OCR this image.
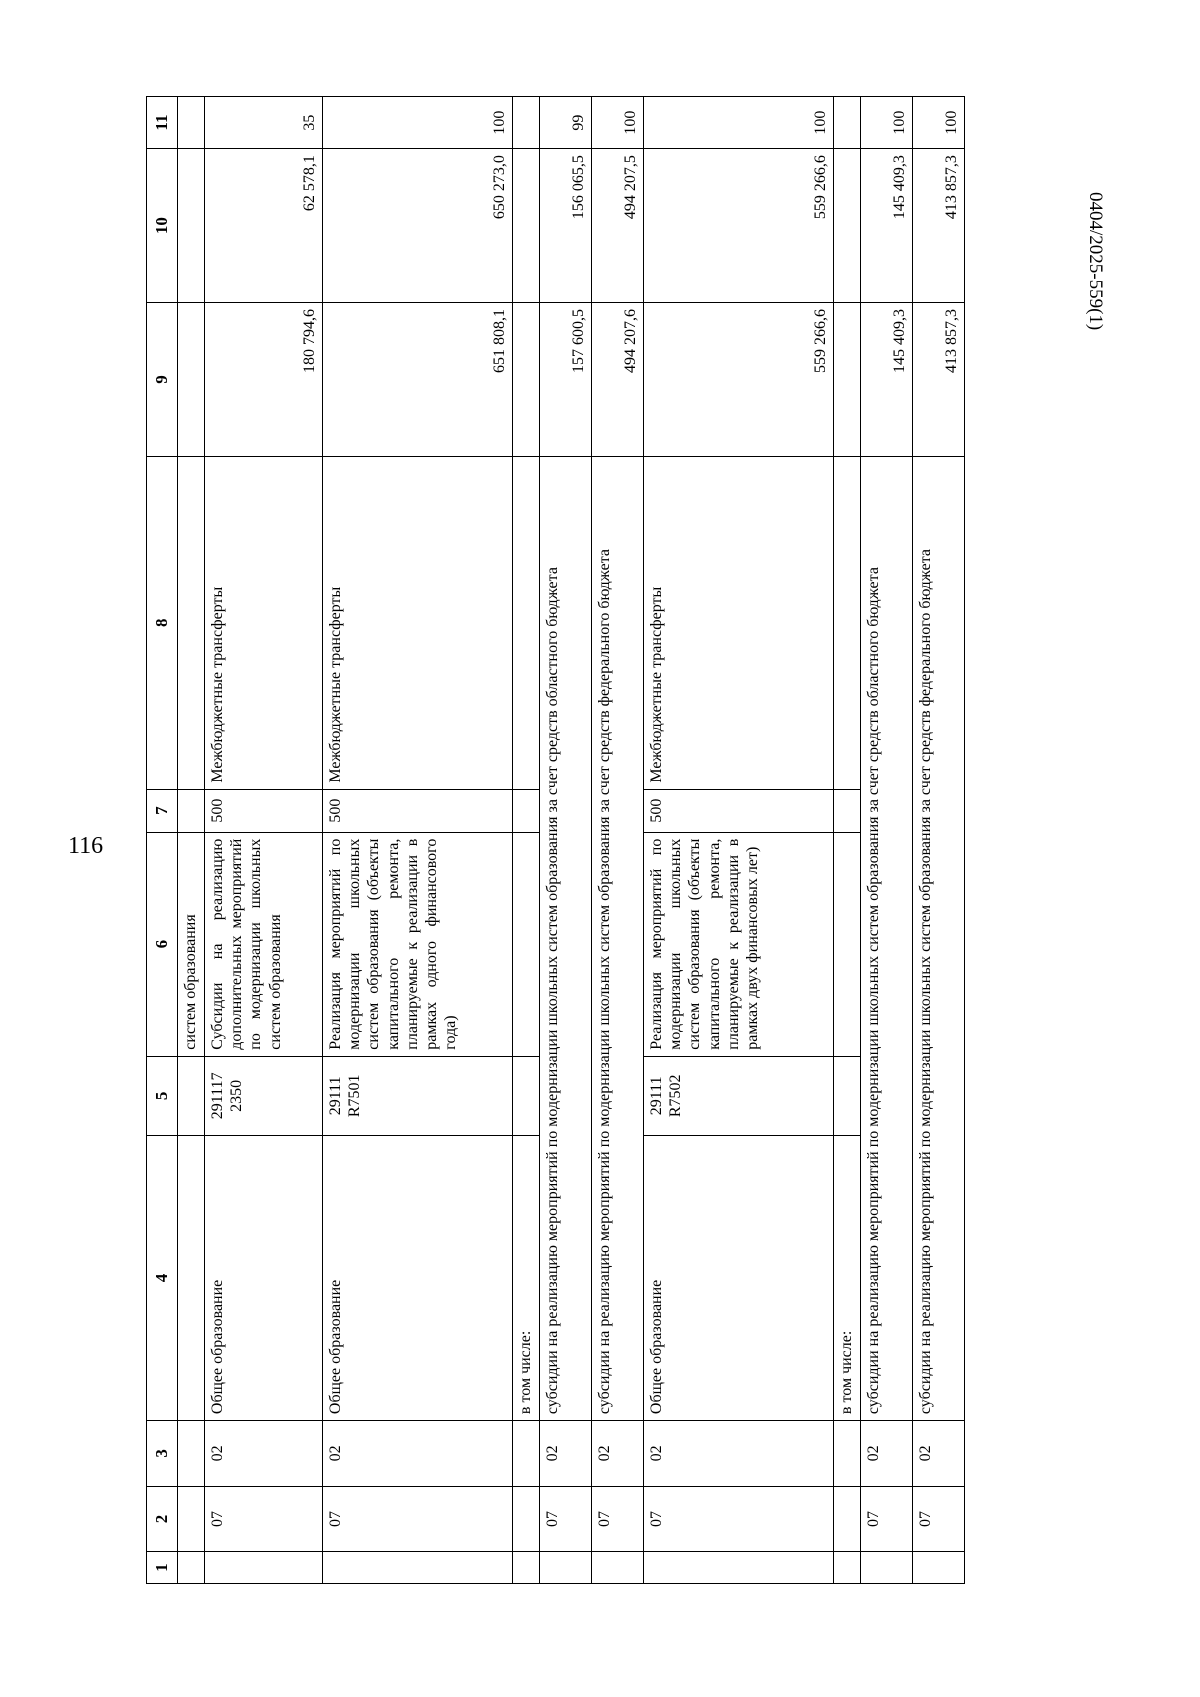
116
0404/2025-559(1)
1	2	3	4	5	6	7	8	9	10	11
					систем образования					
	07	02	Общее образование	291117 2350	Субсидии на реализацию дополнительных мероприятий по модернизации школьных систем образования	500	Межбюджетные трансферты	180 794,6	62 578,1	35
	07	02	Общее образование	29111 R7501	Реализация мероприятий по модернизации школьных систем образования (объекты капитального ремонта, планируемые к реализации в рамках одного финансового года)	500	Межбюджетные трансферты	651 808,1	650 273,0	100
			в том числе:							
	07	02	субсидии на реализацию мероприятий по модернизации школьных систем образования за счет средств областного бюджета					157 600,5	156 065,5	99
	07	02	субсидии на реализацию мероприятий по модернизации школьных систем образования за счет средств федерального бюджета					494 207,6	494 207,5	100
	07	02	Общее образование	29111 R7502	Реализация мероприятий по модернизации школьных систем образования (объекты капитального ремонта, планируемые к реализации в рамках двух финансовых лет)	500	Межбюджетные трансферты	559 266,6	559 266,6	100
			в том числе:							
	07	02	субсидии на реализацию мероприятий по модернизации школьных систем образования за счет средств областного бюджета					145 409,3	145 409,3	100
	07	02	субсидии на реализацию мероприятий по модернизации школьных систем образования за счет средств федерального бюджета					413 857,3	413 857,3	100
